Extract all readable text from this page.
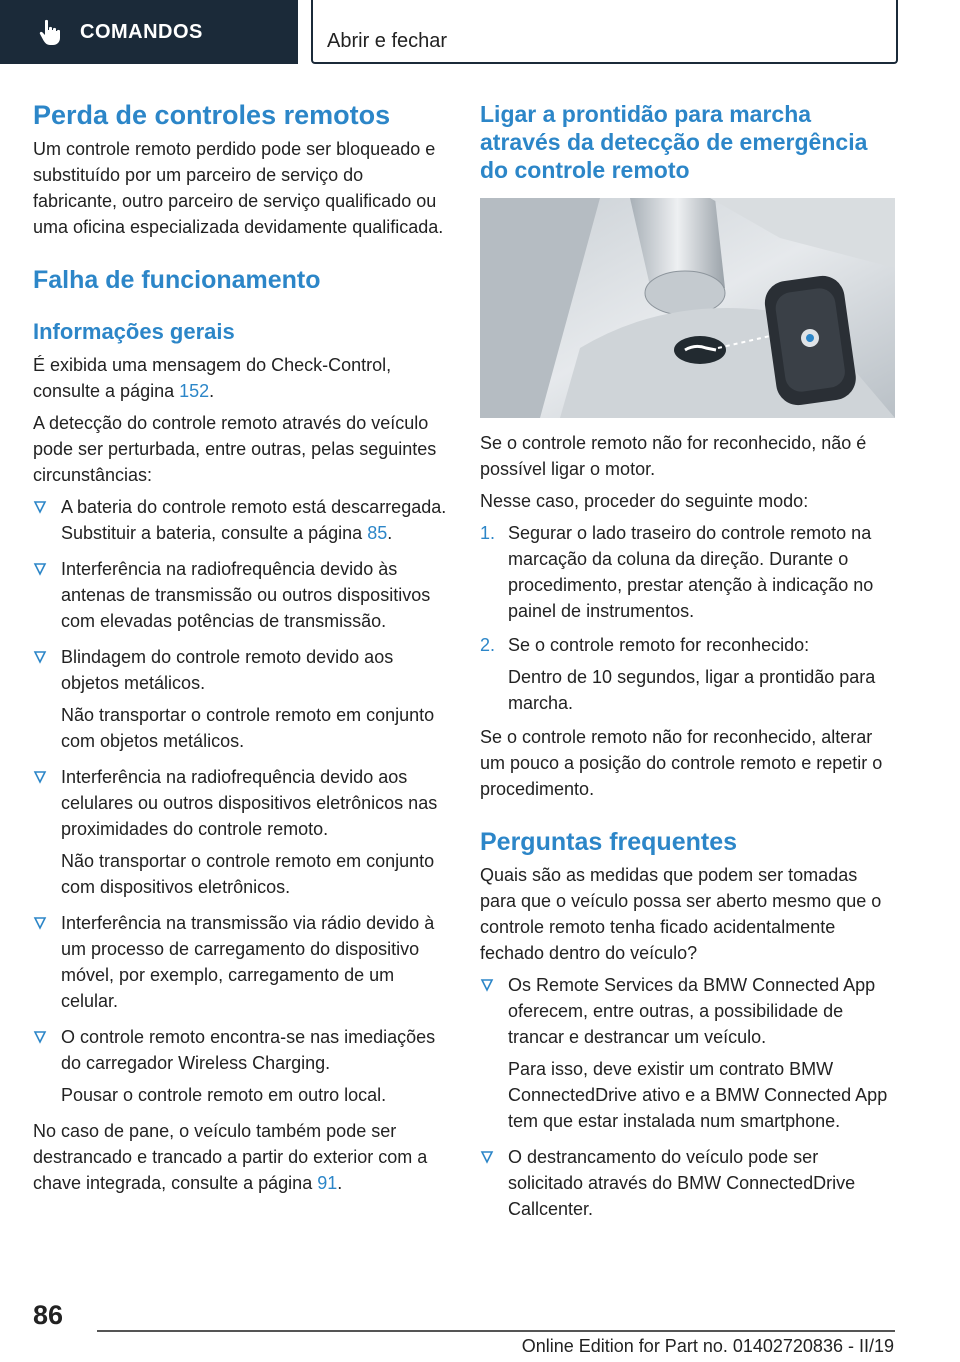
COMANDOS	Abrir e fechar
Perda de controles remotos

Um controle remoto perdido pode ser bloqueado e substituído por um parceiro de serviço do fabricante, outro parceiro de serviço qualificado ou uma oficina especializada devidamente qualificada.

Falha de funcionamento
Informações gerais

É exibida uma mensagem do Check-Control, consulte a página 152.

A detecção do controle remoto através do veículo pode ser perturbada, entre outras, pelas seguintes circunstâncias:

A bateria do controle remoto está descarregada. Substituir a bateria, consulte a página 85.

Interferência na radiofrequência devido às antenas de transmissão ou outros dispositivos com elevadas potências de transmissão.

Blindagem do controle remoto devido aos objetos metálicos.

Não transportar o controle remoto em conjunto com objetos metálicos.

Interferência na radiofrequência devido aos celulares ou outros dispositivos eletrônicos nas proximidades do controle remoto.

Não transportar o controle remoto em conjunto com dispositivos eletrônicos.

Interferência na transmissão via rádio devido à um processo de carregamento do dispositivo móvel, por exemplo, carregamento de um celular.

O controle remoto encontra-se nas imediações do carregador Wireless Charging.

Pousar o controle remoto em outro local.

No caso de pane, o veículo também pode ser destrancado e trancado a partir do exterior com a chave integrada, consulte a página 91.

Ligar a prontidão para marcha através da detecção de emergência do controle remoto

Se o controle remoto não for reconhecido, não é possível ligar o motor.

Nesse caso, proceder do seguinte modo:

1. Segurar o lado traseiro do controle remoto na marcação da coluna da direção. Durante o procedimento, prestar atenção à indicação no painel de instrumentos.

2. Se o controle remoto for reconhecido:

Dentro de 10 segundos, ligar a prontidão para marcha.

Se o controle remoto não for reconhecido, alterar um pouco a posição do controle remoto e repetir o procedimento.

Perguntas frequentes

Quais são as medidas que podem ser tomadas para que o veículo possa ser aberto mesmo que o controle remoto tenha ficado acidentalmente fechado dentro do veículo?

Os Remote Services da BMW Connected App oferecem, entre outras, a possibilidade de trancar e destrancar um veículo.

Para isso, deve existir um contrato BMW ConnectedDrive ativo e a BMW Connected App tem que estar instalada num smartphone.

O destrancamento do veículo pode ser solicitado através do BMW ConnectedDrive Callcenter.

86
Online Edition for Part no. 01402720836 - II/19
